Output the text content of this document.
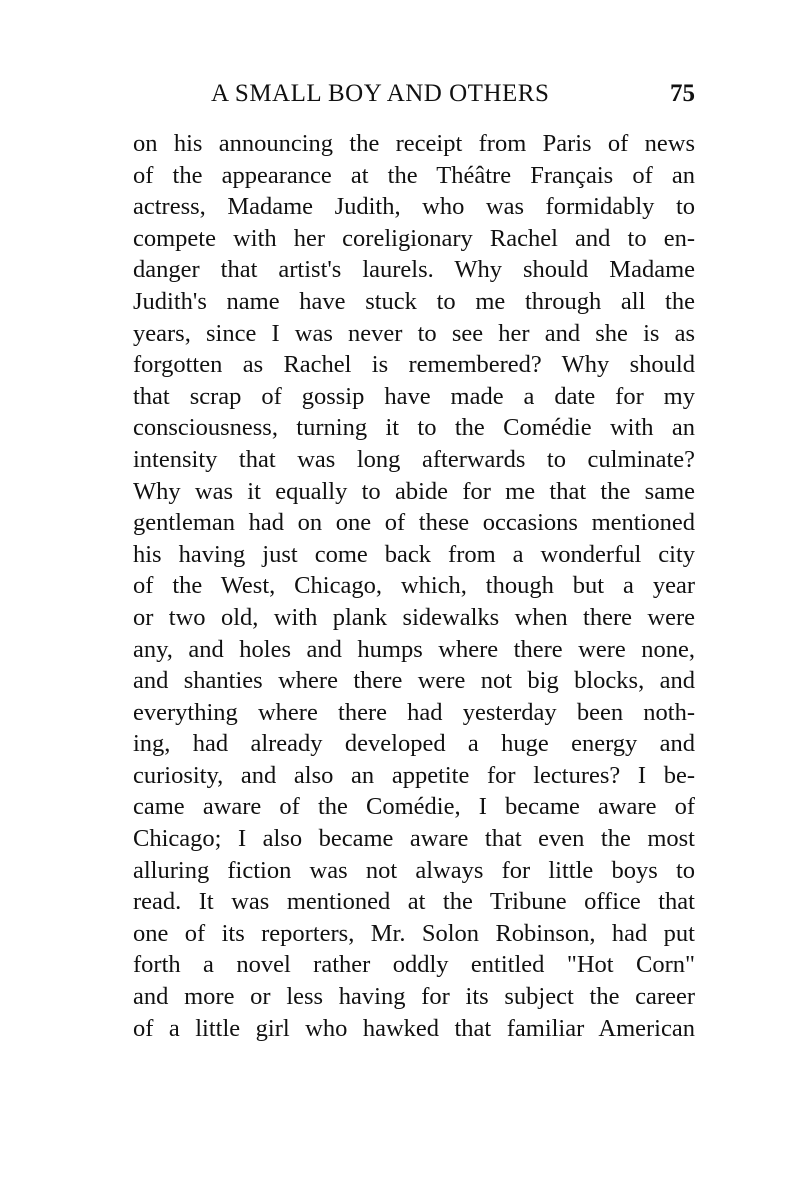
A SMALL BOY AND OTHERS	75
on his announcing the receipt from Paris of news
of the appearance at the Théâtre Français of an
actress, Madame Judith, who was formidably to
compete with her coreligionary Rachel and to en-
danger that artist's laurels. Why should Madame
Judith's name have stuck to me through all the
years, since I was never to see her and she is as
forgotten as Rachel is remembered? Why should
that scrap of gossip have made a date for my
consciousness, turning it to the Comédie with an
intensity that was long afterwards to culminate?
Why was it equally to abide for me that the same
gentleman had on one of these occasions mentioned
his having just come back from a wonderful city
of the West, Chicago, which, though but a year
or two old, with plank sidewalks when there were
any, and holes and humps where there were none,
and shanties where there were not big blocks, and
everything where there had yesterday been noth-
ing, had already developed a huge energy and
curiosity, and also an appetite for lectures? I be-
came aware of the Comédie, I became aware of
Chicago; I also became aware that even the most
alluring fiction was not always for little boys to
read. It was mentioned at the Tribune office that
one of its reporters, Mr. Solon Robinson, had put
forth a novel rather oddly entitled "Hot Corn"
and more or less having for its subject the career
of a little girl who hawked that familiar American
